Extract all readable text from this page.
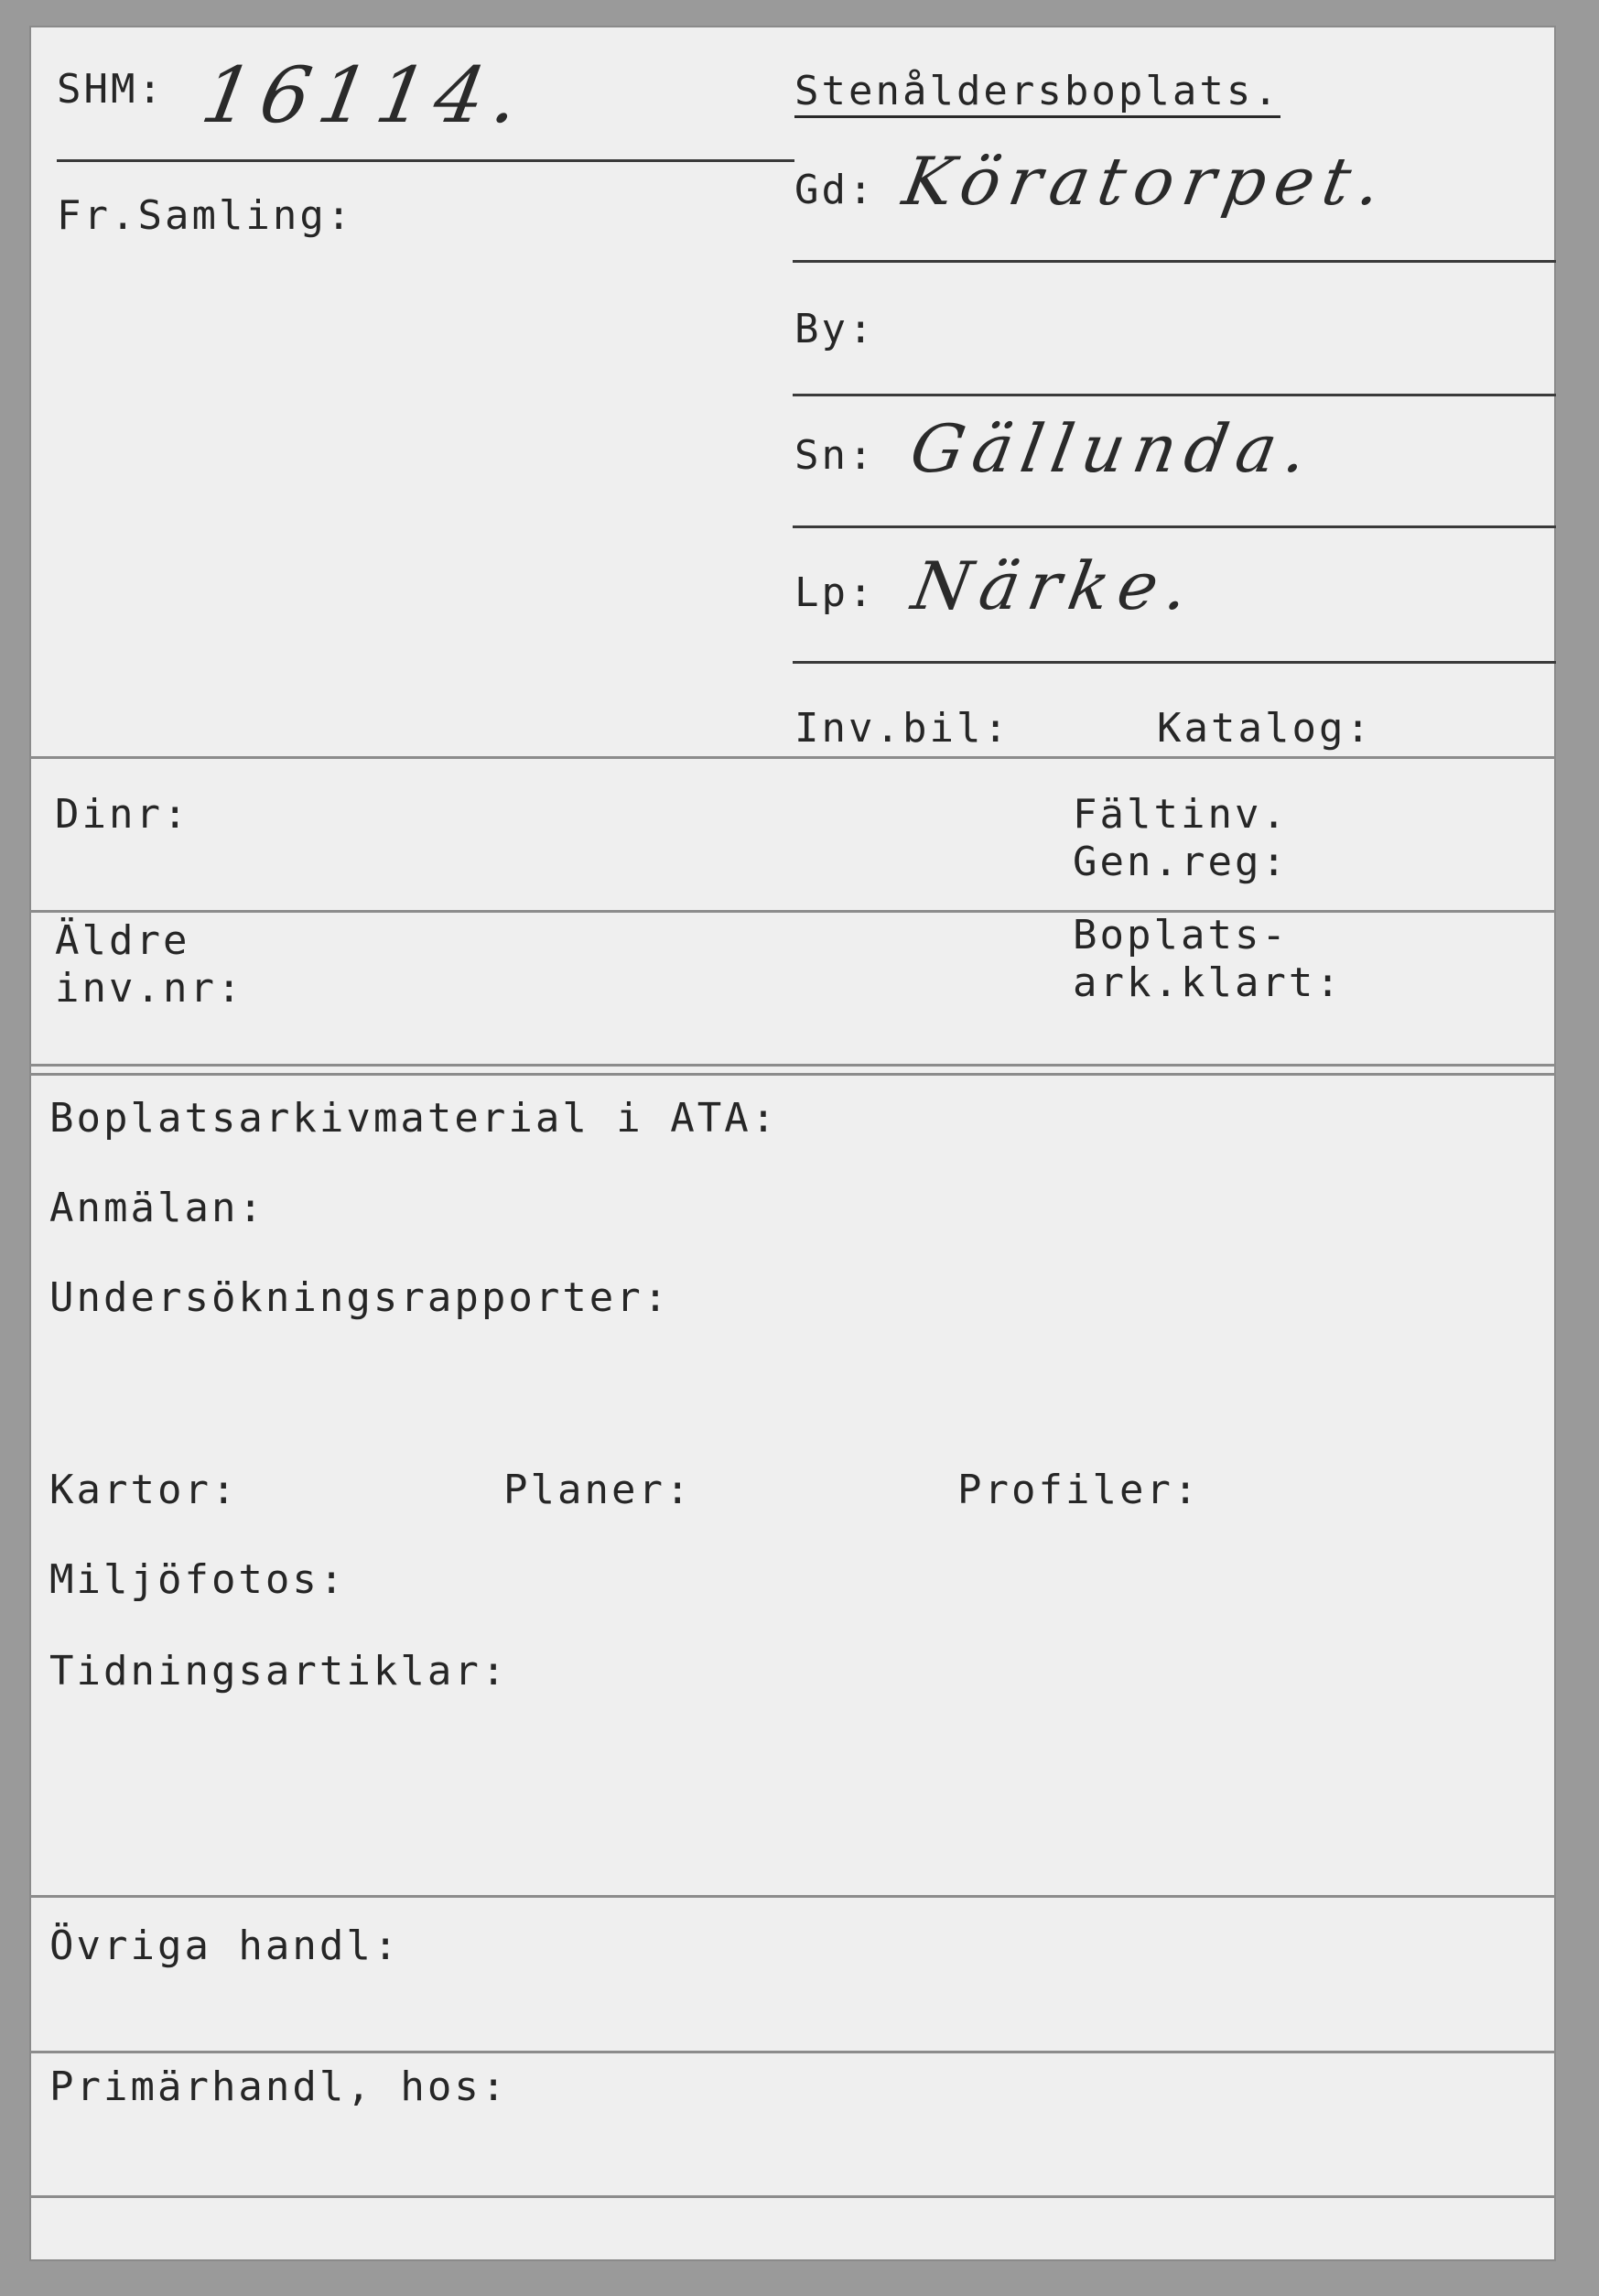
SHM: 16114.	Stenåldersboplats.
Fr.Samling:
Gd: Köratorpet.
By:
Sn: Gällunda.
Lp: Närke.
Inv.bil:	Katalog:
Dinr:	Fältinv.
Gen.reg:
Äldre
inv.nr:
Boplats-
ark.klart:
Boplatsarkivmaterial i ATA:
Anmälan:
Undersökningsrapporter:
Kartor:	Planer:	Profiler:
Miljöfotos:
Tidningsartiklar:
Övriga handl:
Primärhandl, hos:
